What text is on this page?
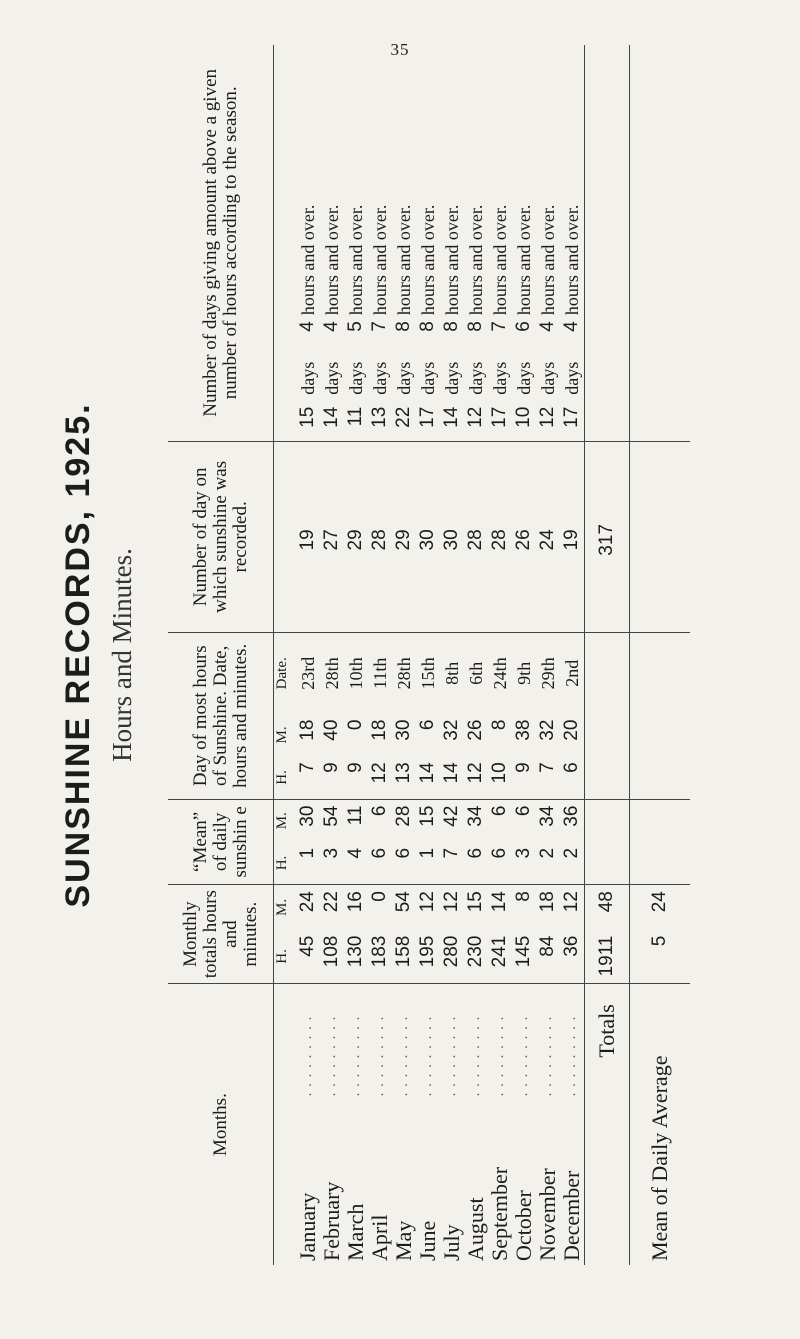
35
SUNSHINE RECORDS, 1925. Hours and Minutes.
Months.		Monthly totals hours and minutes.		“Mean” of daily sunshin e		Day of most hours of Sunshine. Date, hours and minutes.			Number of day on which sunshine was recorded.	Number of days giving amount above a given number of hours according to the season.			
		H.	M.	H.	M.	H.	M.	Date.					
January	.........	45	24	1	30	7	18	23rd	19	15	days	4	hours and over.
February	.........	108	22	3	54	9	40	28th	27	14	days	4	hours and over.
March	.........	130	16	4	11	9	0	10th	29	11	days	5	hours and over.
April	.........	183	0	6	6	12	18	11th	28	13	days	7	hours and over.
May	.........	158	54	6	28	13	30	28th	29	22	days	8	hours and over.
June	.........	195	12	1	15	14	6	15th	30	17	days	8	hours and over.
July	.........	280	12	7	42	14	32	8th	30	14	days	8	hours and over.
August	.........	230	15	6	34	12	26	6th	28	12	days	8	hours and over.
September	.........	241	14	6	6	10	8	24th	28	17	days	7	hours and over.
October	.........	145	8	3	6	9	38	9th	26	10	days	6	hours and over.
November	.........	84	18	2	34	7	32	29th	24	12	days	4	hours and over.
December	.........	36	12	2	36	6	20	2nd	19	17	days	4	hours and over.
Totals		1911	48						317				
Mean of Daily Average		5	24										
